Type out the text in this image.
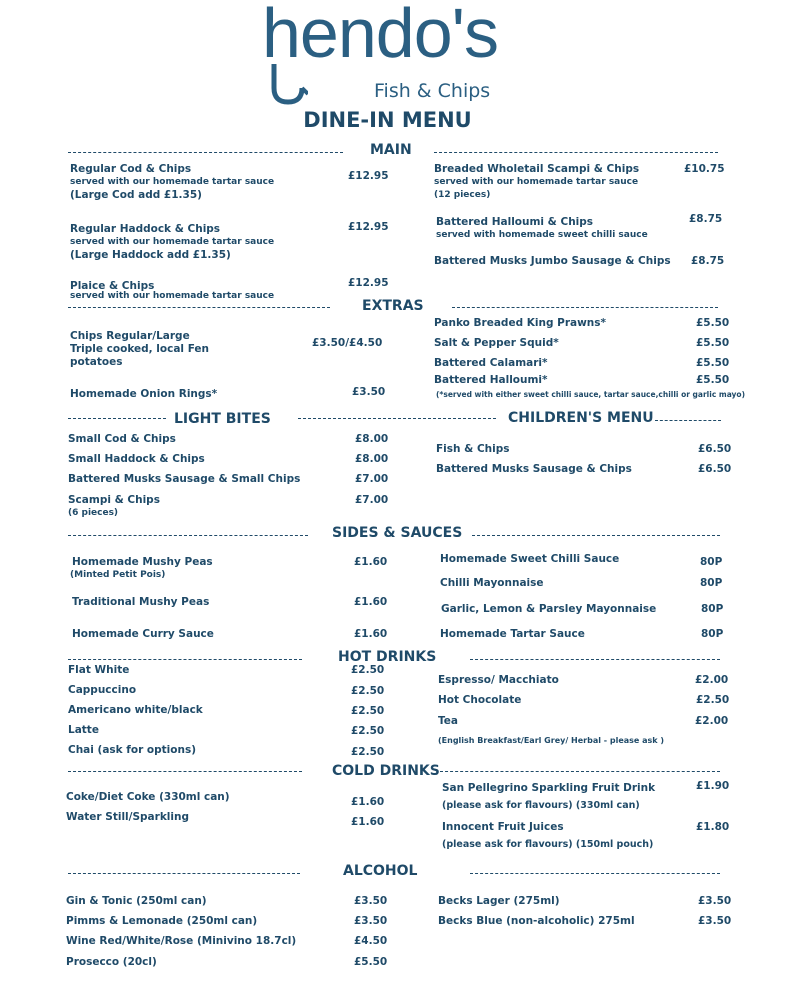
hendo's
Fish & Chips
DINE-IN MENU
MAIN
Regular Cod & Chips
served with our homemade tartar sauce
(Large Cod add £1.35)
£12.95
Regular Haddock & Chips
served with our homemade tartar sauce
(Large Haddock add £1.35)
£12.95
Plaice & Chips
served with our homemade tartar sauce
£12.95
Breaded Wholetail Scampi & Chips
served with our homemade tartar sauce
(12 pieces)
£10.75
Battered Halloumi & Chips
served with homemade sweet chilli sauce
£8.75
Battered Musks Jumbo Sausage & Chips £8.75
EXTRAS
Chips Regular/Large
Triple cooked, local Fen
potatoes
£3.50/£4.50
Homemade Onion Rings*	£3.50
Panko Breaded King Prawns*	£5.50
Salt & Pepper Squid*	£5.50
Battered Calamari*	£5.50
Battered Halloumi*	£5.50
(*served with either sweet chilli sauce, tartar sauce,chilli or garlic mayo)
LIGHT BITES	CHILDREN'S MENU
Small Cod & Chips	£8.00
Small Haddock & Chips	£8.00
Battered Musks Sausage & Small Chips	£7.00
Scampi & Chips
(6 pieces)
£7.00
Fish & Chips	£6.50
Battered Musks Sausage & Chips	£6.50
SIDES & SAUCES
Homemade Mushy Peas
(Minted Petit Pois)
£1.60
Traditional Mushy Peas	£1.60
Homemade Curry Sauce	£1.60
Homemade Sweet Chilli Sauce	80P
Chilli Mayonnaise	80P
Garlic, Lemon & Parsley Mayonnaise	80P
Homemade Tartar Sauce	80P
HOT DRINKS
Flat White	£2.50
Cappuccino	£2.50
Americano white/black	£2.50
Latte	£2.50
Chai (ask for options)	£2.50
Espresso/ Macchiato	£2.00
Hot Chocolate	£2.50
Tea	£2.00
(English Breakfast/Earl Grey/ Herbal - please ask )
COLD DRINKS
Coke/Diet Coke (330ml can)	£1.60
Water Still/Sparkling	£1.60
San Pellegrino Sparkling Fruit Drink
(please ask for flavours) (330ml can)
£1.90
Innocent Fruit Juices
(please ask for flavours) (150ml pouch)
£1.80
ALCOHOL
Gin & Tonic (250ml can)	£3.50
Pimms & Lemonade (250ml can)	£3.50
Wine Red/White/Rose (Minivino 18.7cl)	£4.50
Prosecco (20cl)	£5.50
Becks Lager (275ml)	£3.50
Becks Blue (non-alcoholic) 275ml	£3.50
